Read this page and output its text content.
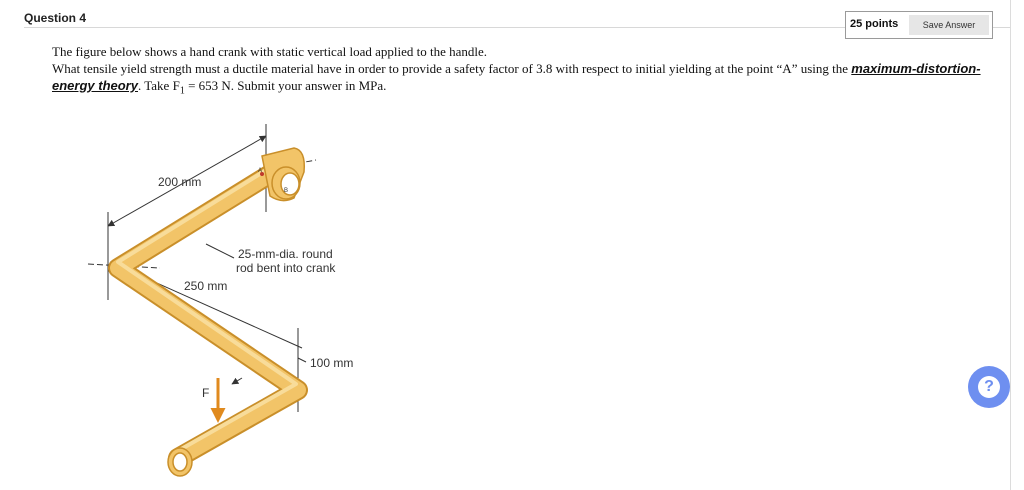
Question 4	25 points	Save Answer
The figure below shows a hand crank with static vertical load applied to the handle.
What tensile yield strength must a ductile material have in order to provide a safety factor of 3.8 with respect to initial yielding at the point “A” using the maximum-distortion-energy theory. Take $F_1 = 653$ N. Submit your answer in MPa.
A
B
F
200 mm
250 mm
100 mm
25-mm-dia. round
rod bent into crank
?
